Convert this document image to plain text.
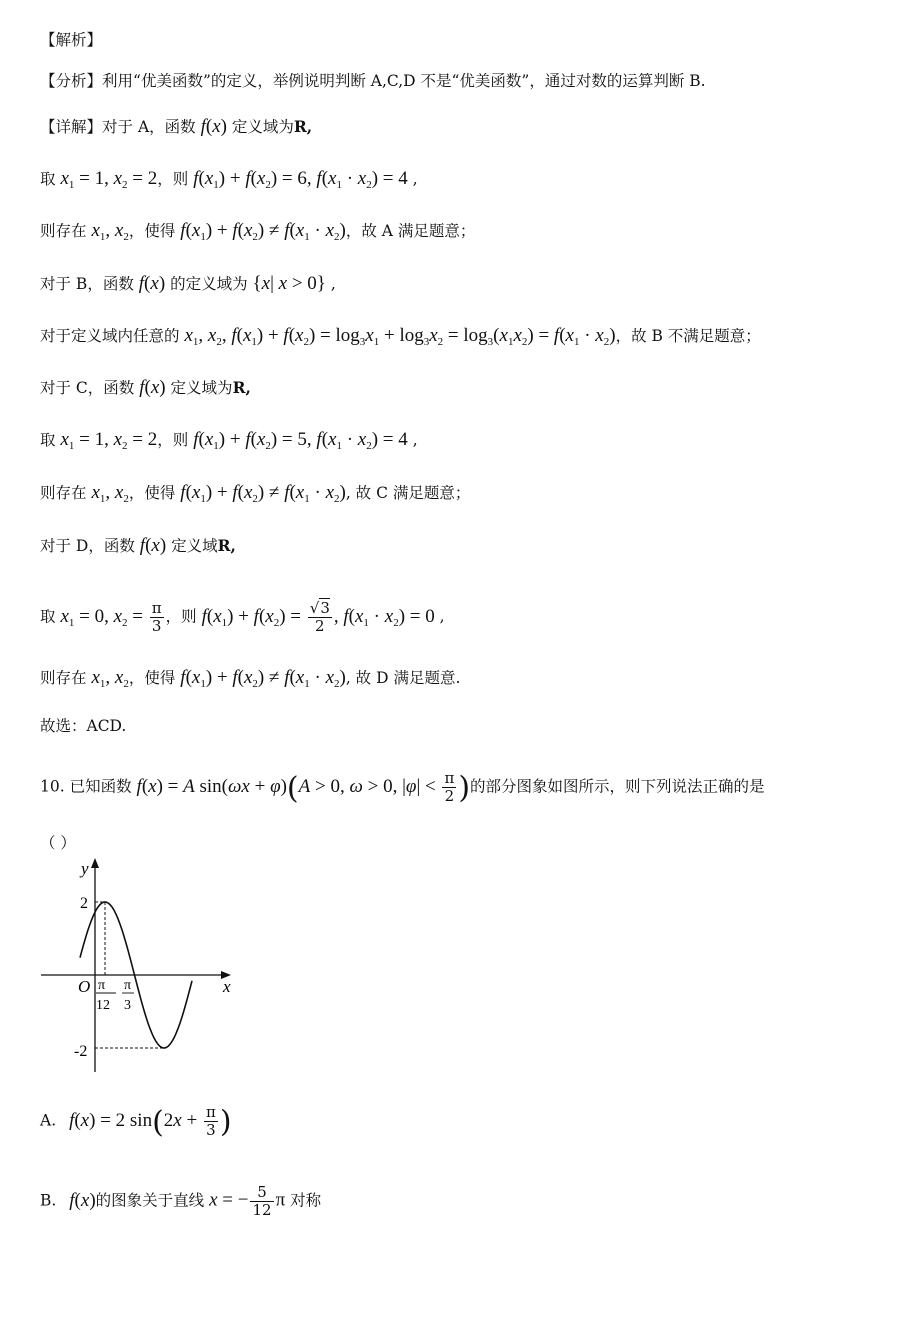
【解析】
【分析】利用“优美函数”的定义，举例说明判断 A,C,D 不是“优美函数”，通过对数的运算判断 B.
【详解】对于 A，函数 f(x) 定义域为R,
取 $x_1 = 1$, $x_2 = 2$，则 $f(x_1) + f(x_2) = 6$, $f(x_1 \cdot x_2) = 4$ ,
则存在 $x_1$, $x_2$，使得 $f(x_1) + f(x_2) \ne f(x_1 \cdot x_2)$，故 A 满足题意；
对于 B，函数 f(x) 的定义域为 {x| x > 0} ,
对于定义域内任意的 $x_1$, $x_2$, $f(x_1) + f(x_2) = \log_3x_1 + \log_3x_2 = \log_3(x_1x_2) = f(x_1 \cdot x_2)$，故 B 不满足题意；
对于 C，函数 f(x) 定义域为R,
取 $x_1 = 1$, $x_2 = 2$，则 $f(x_1) + f(x_2) = 5$, $f(x_1 \cdot x_2) = 4$ ,
则存在 $x_1$, $x_2$，使得 $f(x_1) + f(x_2) \ne f(x_1 \cdot x_2)$, 故 C 满足题意；
对于 D，函数 f(x) 定义域R,
取 $x_1 = 0$, $x_2 = \frac{\pi}{3}$ ，则 $f(x_1) + f(x_2) = \frac{√3}{2}$ , $f(x_1 \cdot x_2) = 0$ ,
则存在 $x_1$, $x_2$，使得 $f(x_1) + f(x_2) \ne f(x_1 \cdot x_2)$, 故 D 满足题意.
故选：ACD.
10. 已知函数 f(x) = A sin(ωx + φ)(A > 0, ω > 0, $|\varphi| < \frac{\pi}{2}$ )的部分图象如图所示，则下列说法正确的是
（ ）
y
x
O
2
-2
π
12
π
3
A. f(x) = 2 $\sin(2x + \frac{\pi}{3}$ )
B. f(x)的图象关于直线 x = − $\frac{5}{12}$ π 对称
